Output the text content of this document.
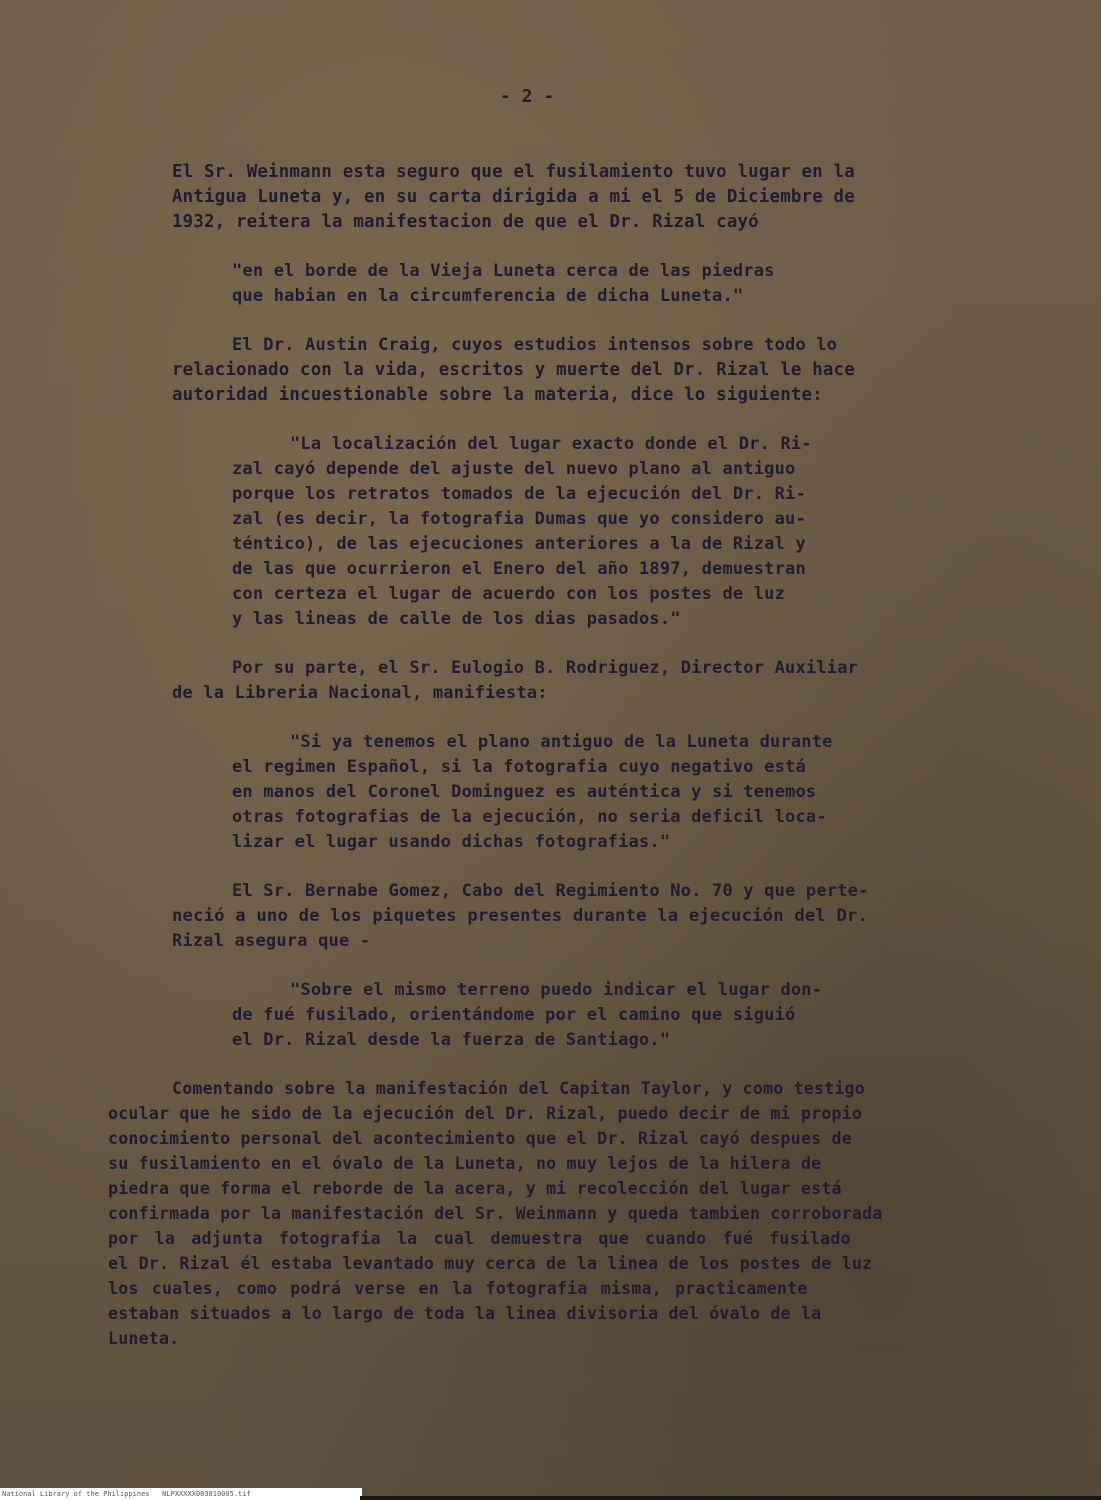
- 2 -
El Sr. Weinmann esta seguro que el fusilamiento tuvo lugar en la
Antigua Luneta y, en su carta dirigida a mi el 5 de Diciembre de
1932, reitera la manifestacion de que el Dr. Rizal cayó
"en el borde de la Vieja Luneta cerca de las piedras
que habian en la circumferencia de dicha Luneta."
El Dr. Austin Craig, cuyos estudios intensos sobre todo lo
relacionado con la vida, escritos y muerte del Dr. Rizal le hace
autoridad incuestionable sobre la materia, dice lo siguiente:
"La localización del lugar exacto donde el Dr. Ri-
zal cayó depende del ajuste del nuevo plano al antiguo
porque los retratos tomados de la ejecución del Dr. Ri-
zal (es decir, la fotografia Dumas que yo considero au-
téntico), de las ejecuciones anteriores a la de Rizal y
de las que ocurrieron el Enero del año 1897, demuestran
con certeza el lugar de acuerdo con los postes de luz
y las lineas de calle de los dias pasados."
Por su parte, el Sr. Eulogio B. Rodriguez, Director Auxiliar
de la Libreria Nacional, manifiesta:
"Si ya tenemos el plano antiguo de la Luneta durante
el regimen Español, si la fotografia cuyo negativo está
en manos del Coronel Dominguez es auténtica y si tenemos
otras fotografias de la ejecución, no seria deficil loca-
lizar el lugar usando dichas fotografias."
El Sr. Bernabe Gomez, Cabo del Regimiento No. 70 y que perte-
neció a uno de los piquetes presentes durante la ejecución del Dr.
Rizal asegura que -
"Sobre el mismo terreno puedo indicar el lugar don-
de fué fusilado, orientándome por el camino que siguió
el Dr. Rizal desde la fuerza de Santiago."
Comentando sobre la manifestación del Capitan Taylor, y como testigo
ocular que he sido de la ejecución del Dr. Rizal, puedo decir de mi propio
conocimiento personal del acontecimiento que el Dr. Rizal cayó despues de
su fusilamiento en el óvalo de la Luneta, no muy lejos de la hilera de
piedra que forma el reborde de la acera, y mi recolección del lugar está
confirmada por la manifestación del Sr. Weinmann y queda tambien corroborada
por la adjunta fotografia la cual demuestra que cuando fué fusilado
el Dr. Rizal él estaba levantado muy cerca de la linea de los postes de luz
los cuales, como podrá verse en la fotografia misma, practicamente
estaban situados a lo largo de toda la linea divisoria del óvalo de la
Luneta.
National Library of the Philippines NLPXXXXX003810005.tif
